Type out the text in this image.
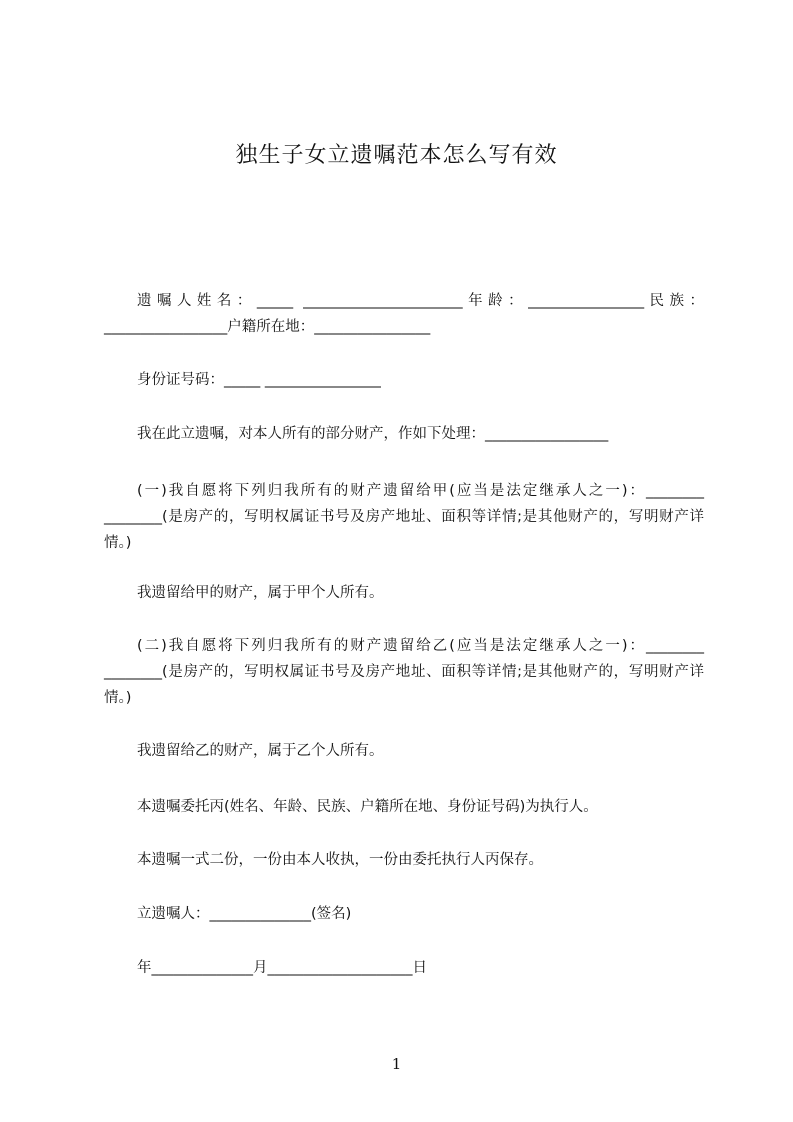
独生子女立遗嘱范本怎么写有效

遗嘱人姓名：_____ ______________________年龄：________________民族：_________________户籍所在地：________________

身份证号码：_____ ________________

我在此立遗嘱，对本人所有的部分财产，作如下处理：_________________

(一)我自愿将下列归我所有的财产遗留给甲(应当是法定继承人之一)：________ ________(是房产的，写明权属证书号及房产地址、面积等详情;是其他财产的，写明财产详情。)

我遗留给甲的财产，属于甲个人所有。

(二)我自愿将下列归我所有的财产遗留给乙(应当是法定继承人之一)：________ ________(是房产的，写明权属证书号及房产地址、面积等详情;是其他财产的，写明财产详情。)

我遗留给乙的财产，属于乙个人所有。

本遗嘱委托丙(姓名、年龄、民族、户籍所在地、身份证号码)为执行人。

本遗嘱一式二份，一份由本人收执，一份由委托执行人丙保存。

立遗嘱人：______________(签名)

年______________月____________________日

1
